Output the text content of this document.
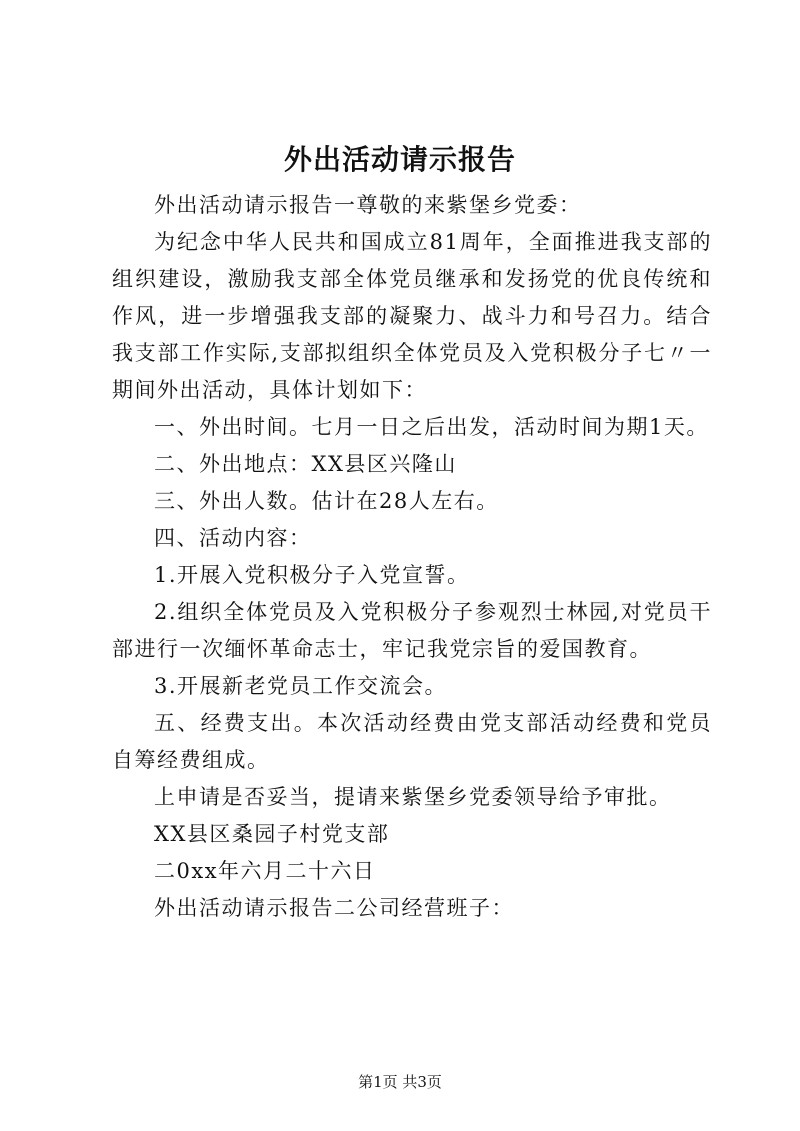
外出活动请示报告

外出活动请示报告一尊敬的来紫堡乡党委：

为纪念中华人民共和国成立81周年，全面推进我支部的组织建设，激励我支部全体党员继承和发扬党的优良传统和作风，进一步增强我支部的凝聚力、战斗力和号召力。结合我支部工作实际,支部拟组织全体党员及入党积极分子七〃一期间外出活动，具体计划如下：

一、外出时间。七月一日之后出发，活动时间为期1天。

二、外出地点：XX县区兴隆山

三、外出人数。估计在28人左右。

四、活动内容：

1.开展入党积极分子入党宣誓。

2.组织全体党员及入党积极分子参观烈士林园,对党员干部进行一次缅怀革命志士，牢记我党宗旨的爱国教育。

3.开展新老党员工作交流会。

五、经费支出。本次活动经费由党支部活动经费和党员自筹经费组成。

上申请是否妥当，提请来紫堡乡党委领导给予审批。

XX县区桑园子村党支部

二0xx年六月二十六日

外出活动请示报告二公司经营班子：

第1页 共3页
